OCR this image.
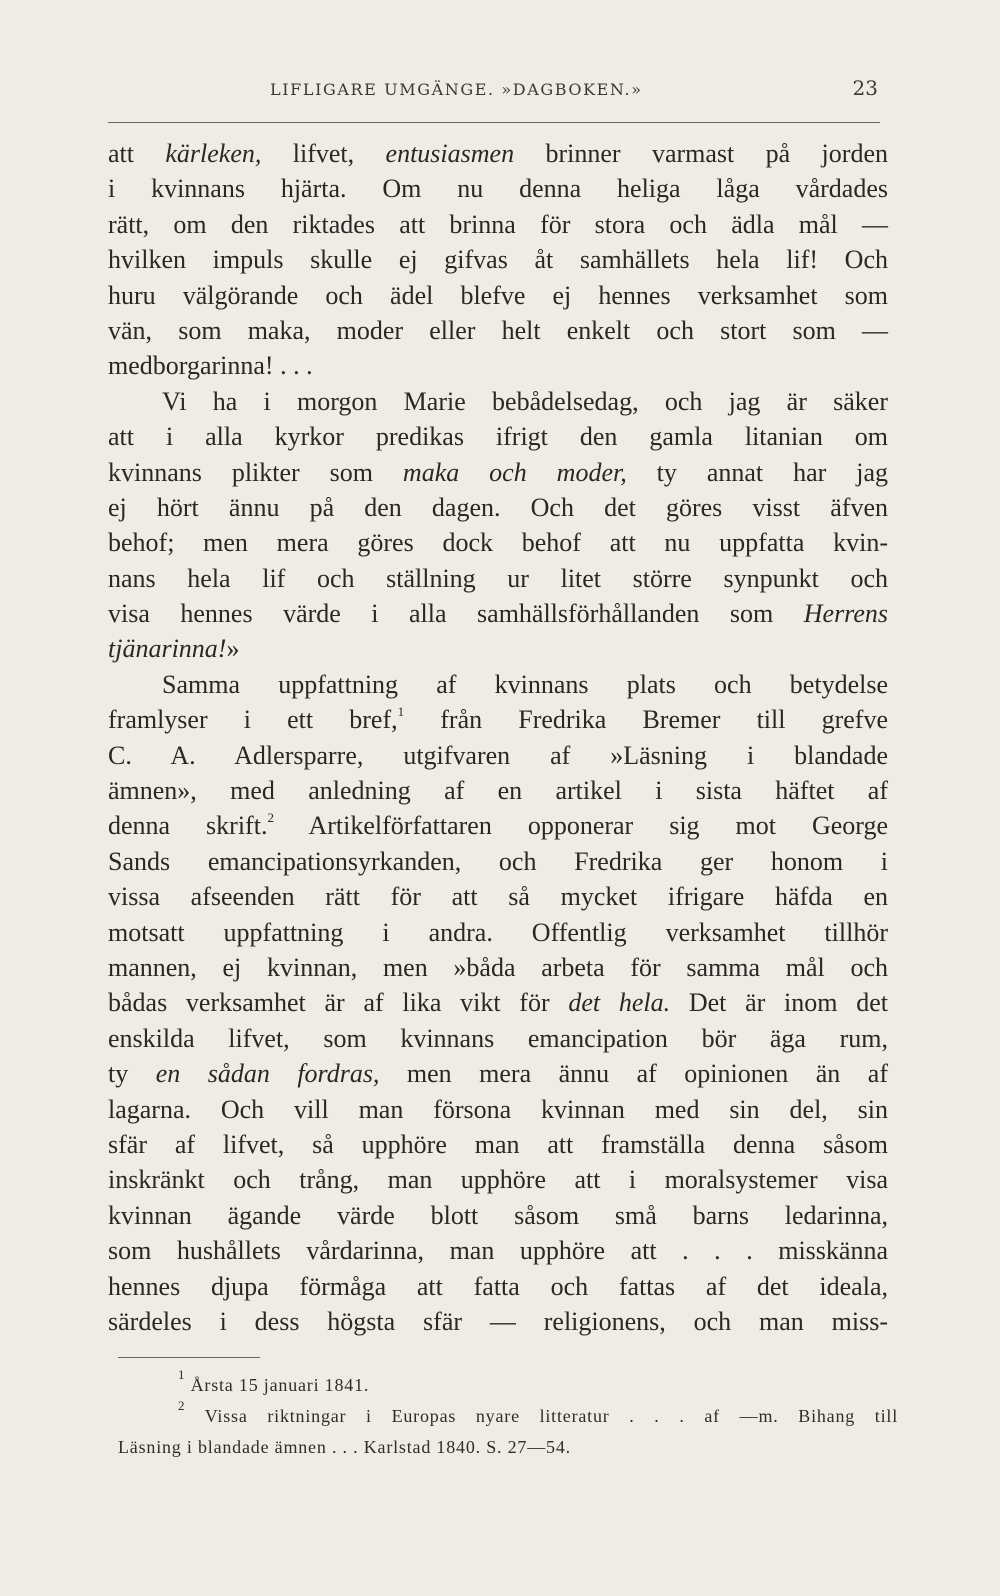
LIFLIGARE UMGÄNGE. »DAGBOKEN.»	23
att kärleken, lifvet, entusiasmen brinner varmast på jorden
i kvinnans hjärta. Om nu denna heliga låga vårdades
rätt, om den riktades att brinna för stora och ädla mål —
hvilken impuls skulle ej gifvas åt samhällets hela lif! Och
huru välgörande och ädel blefve ej hennes verksamhet som
vän, som maka, moder eller helt enkelt och stort som —
medborgarinna! . . .
Vi ha i morgon Marie bebådelsedag, och jag är säker
att i alla kyrkor predikas ifrigt den gamla litanian om
kvinnans plikter som maka och moder, ty annat har jag
ej hört ännu på den dagen. Och det göres visst äfven
behof; men mera göres dock behof att nu uppfatta kvin-
nans hela lif och ställning ur litet större synpunkt och
visa hennes värde i alla samhällsförhållanden som Herrens
tjänarinna!»
Samma uppfattning af kvinnans plats och betydelse
framlyser i ett bref,$^1$ från Fredrika Bremer till grefve
C. A. Adlersparre, utgifvaren af »Läsning i blandade
ämnen», med anledning af en artikel i sista häftet af
denna skrift.$^2$ Artikelförfattaren opponerar sig mot George
Sands emancipationsyrkanden, och Fredrika ger honom i
vissa afseenden rätt för att så mycket ifrigare häfda en
motsatt uppfattning i andra. Offentlig verksamhet tillhör
mannen, ej kvinnan, men »båda arbeta för samma mål och
bådas verksamhet är af lika vikt för det hela. Det är inom det
enskilda lifvet, som kvinnans emancipation bör äga rum,
ty en sådan fordras, men mera ännu af opinionen än af
lagarna. Och vill man försona kvinnan med sin del, sin
sfär af lifvet, så upphöre man att framställa denna såsom
inskränkt och trång, man upphöre att i moralsystemer visa
kvinnan ägande värde blott såsom små barns ledarinna,
som hushållets vårdarinna, man upphöre att . . . misskänna
hennes djupa förmåga att fatta och fattas af det ideala,
särdeles i dess högsta sfär — religionens, och man miss-
$^1$ Årsta 15 januari 1841.
$^2$ Vissa riktningar i Europas nyare litteratur . . . af —m. Bihang till
Läsning i blandade ämnen . . . Karlstad 1840. S. 27—54.
